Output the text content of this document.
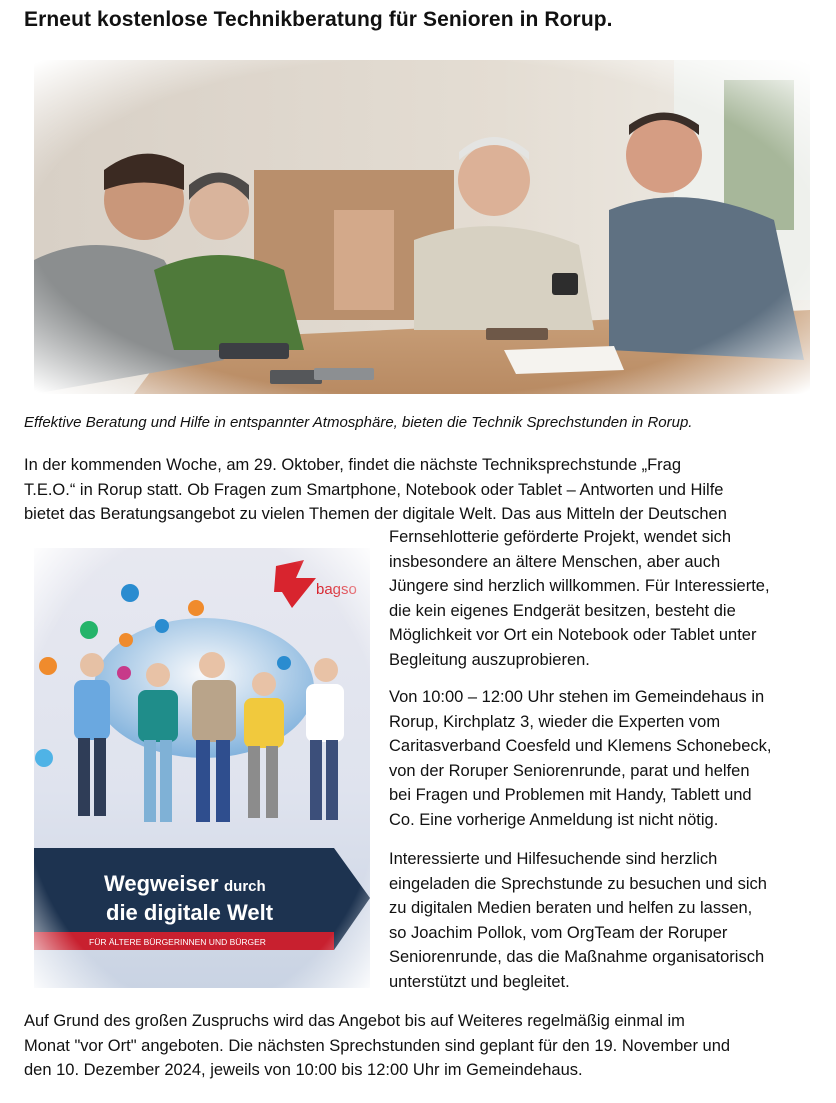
Erneut kostenlose Technikberatung für Senioren in Rorup.
Effektive Beratung und Hilfe in entspannter Atmosphäre, bieten die Technik Sprechstunden in Rorup.

In der kommenden Woche, am 29. Oktober, findet die nächste Techniksprechstunde „Frag
T.E.O.“ in Rorup statt. Ob Fragen zum Smartphone, Notebook oder Tablet – Antworten und Hilfe
bietet das Beratungsangebot zu vielen Themen der digitale Welt. Das aus Mitteln der Deutschen

Fernsehlotterie geförderte Projekt, wendet sich
insbesondere an ältere Menschen, aber auch
Jüngere sind herzlich willkommen. Für Interessierte,
die kein eigenes Endgerät besitzen, besteht die
Möglichkeit vor Ort ein Notebook oder Tablet unter
Begleitung auszuprobieren.

Von 10:00 – 12:00 Uhr stehen im Gemeindehaus in
Rorup, Kirchplatz 3, wieder die Experten vom
Caritasverband Coesfeld und Klemens Schonebeck,
von der Roruper Seniorenrunde, parat und helfen
bei Fragen und Problemen mit Handy, Tablett und
Co. Eine vorherige Anmeldung ist nicht nötig.

Interessierte und Hilfesuchende sind herzlich
eingeladen die Sprechstunde zu besuchen und sich
zu digitalen Medien beraten und helfen zu lassen,
so Joachim Pollok, vom OrgTeam der Roruper
Seniorenrunde, das die Maßnahme organisatorisch
unterstützt und begleitet.

Auf Grund des großen Zuspruchs wird das Angebot bis auf Weiteres regelmäßig einmal im
Monat "vor Ort" angeboten. Die nächsten Sprechstunden sind geplant für den 19. November und
den 10. Dezember 2024, jeweils von 10:00 bis 12:00 Uhr im Gemeindehaus.
